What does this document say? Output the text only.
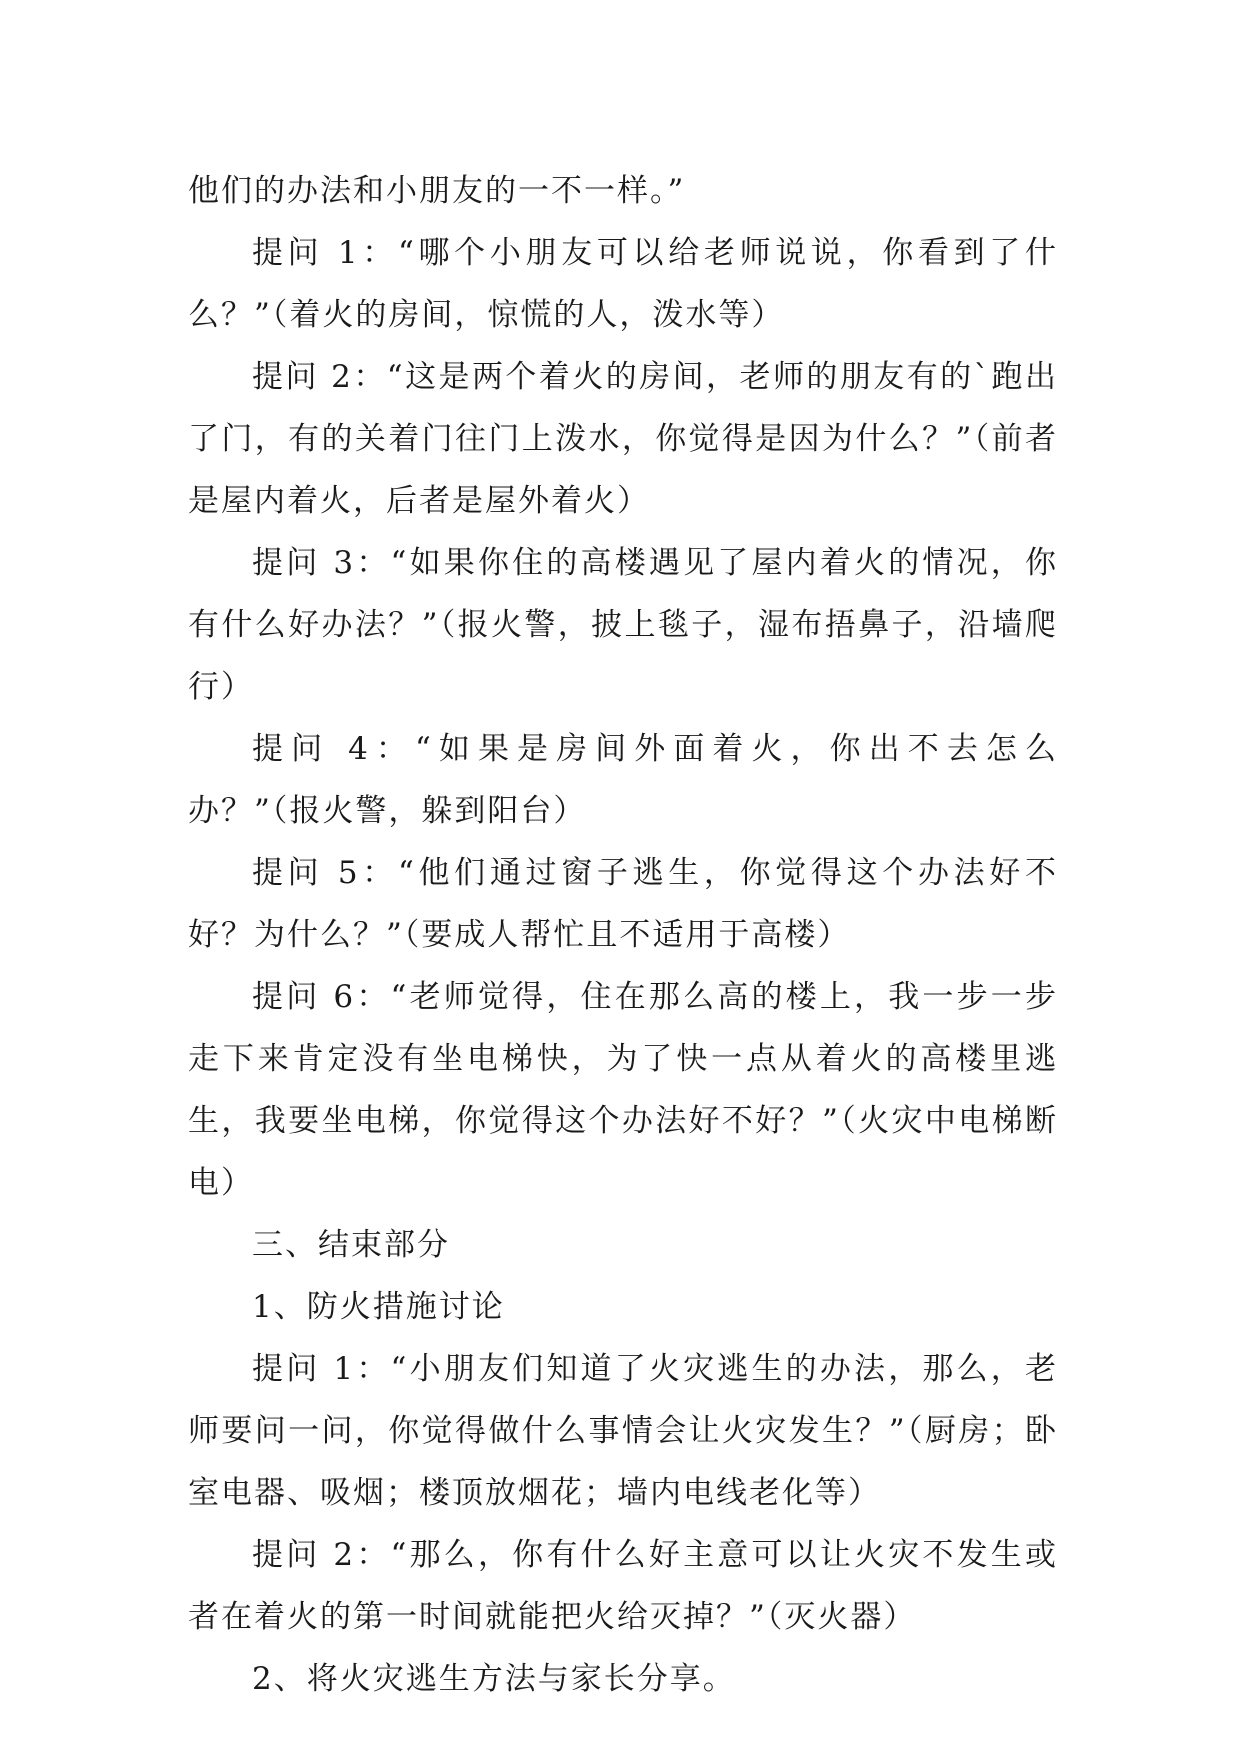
他们的办法和小朋友的一不一样。”

提问 1：“哪个小朋友可以给老师说说，你看到了什么？”（着火的房间，惊慌的人，泼水等）

提问 2：“这是两个着火的房间，老师的朋友有的`跑出了门，有的关着门往门上泼水，你觉得是因为什么？”（前者是屋内着火，后者是屋外着火）

提问 3：“如果你住的高楼遇见了屋内着火的情况，你有什么好办法？”（报火警，披上毯子，湿布捂鼻子，沿墙爬行）

提问 4：“如果是房间外面着火，你出不去怎么办？”（报火警，躲到阳台）

提问 5：“他们通过窗子逃生，你觉得这个办法好不好？为什么？”（要成人帮忙且不适用于高楼）

提问 6：“老师觉得，住在那么高的楼上，我一步一步走下来肯定没有坐电梯快，为了快一点从着火的高楼里逃生，我要坐电梯，你觉得这个办法好不好？”（火灾中电梯断电）

三、结束部分

1、防火措施讨论

提问 1：“小朋友们知道了火灾逃生的办法，那么，老师要问一问，你觉得做什么事情会让火灾发生？”（厨房；卧室电器、吸烟；楼顶放烟花；墙内电线老化等）

提问 2：“那么，你有什么好主意可以让火灾不发生或者在着火的第一时间就能把火给灭掉？”（灭火器）

2、将火灾逃生方法与家长分享。
